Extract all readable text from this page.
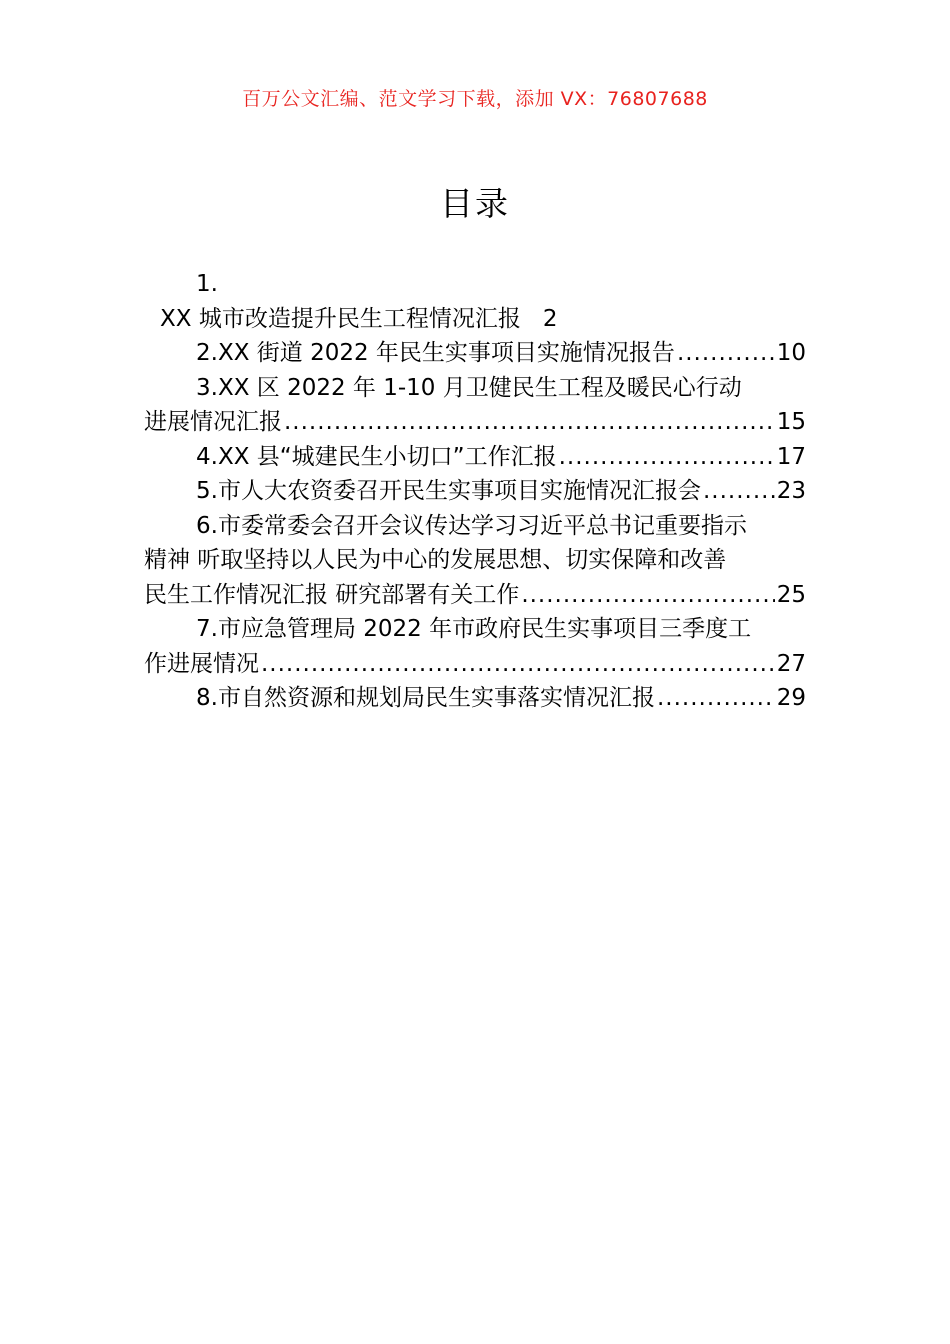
百万公文汇编、范文学习下载，添加 VX：76807688
目录
1.
XX 城市改造提升民生工程情况汇报 2
2.XX 街道 2022 年民生实事项目实施情况报告 .....	10
3.XX 区 2022 年 1-10 月卫健民生工程及暖民心行动
进展情况汇报 .....	15
4.XX 县“城建民生小切口”工作汇报 .....	17
5.市人大农资委召开民生实事项目实施情况汇报会 .....	23
6.市委常委会召开会议传达学习习近平总书记重要指示
精神 听取坚持以人民为中心的发展思想、切实保障和改善
民生工作情况汇报 研究部署有关工作 .....	25
7.市应急管理局 2022 年市政府民生实事项目三季度工
作进展情况 .....	27
8.市自然资源和规划局民生实事落实情况汇报 .....	29
